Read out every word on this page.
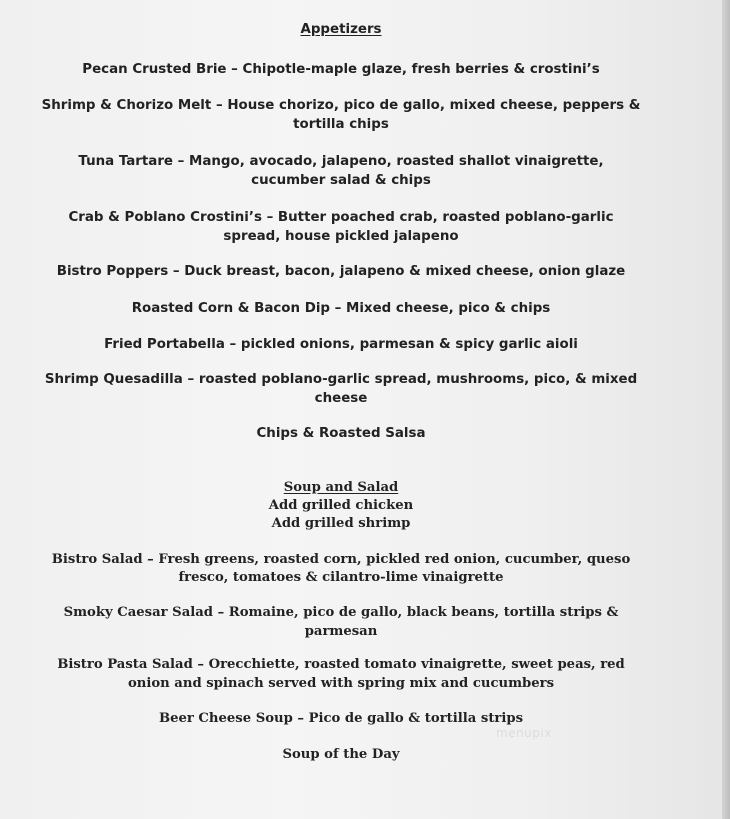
Appetizers
Pecan Crusted Brie – Chipotle-maple glaze, fresh berries & crostini’s
Shrimp & Chorizo Melt – House chorizo, pico de gallo, mixed cheese, peppers &
tortilla chips
Tuna Tartare – Mango, avocado, jalapeno, roasted shallot vinaigrette,
cucumber salad & chips
Crab & Poblano Crostini’s – Butter poached crab, roasted poblano-garlic
spread, house pickled jalapeno
Bistro Poppers – Duck breast, bacon, jalapeno & mixed cheese, onion glaze
Roasted Corn & Bacon Dip – Mixed cheese, pico & chips
Fried Portabella – pickled onions, parmesan & spicy garlic aioli
Shrimp Quesadilla – roasted poblano-garlic spread, mushrooms, pico, & mixed
cheese
Chips & Roasted Salsa
Soup and Salad
Add grilled chicken
Add grilled shrimp
Bistro Salad – Fresh greens, roasted corn, pickled red onion, cucumber, queso
fresco, tomatoes & cilantro-lime vinaigrette
Smoky Caesar Salad – Romaine, pico de gallo, black beans, tortilla strips &
parmesan
Bistro Pasta Salad – Orecchiette, roasted tomato vinaigrette, sweet peas, red
onion and spinach served with spring mix and cucumbers
Beer Cheese Soup – Pico de gallo & tortilla strips
Soup of the Day
menupix
